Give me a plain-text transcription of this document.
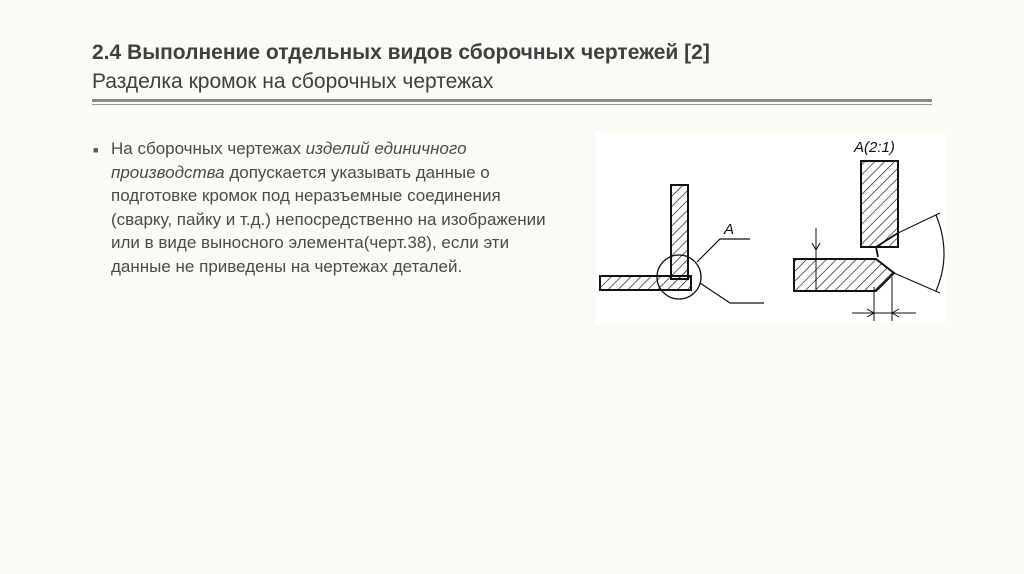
2.4 Выполнение отдельных видов сборочных чертежей [2]
Разделка кромок на сборочных чертежах
■ На сборочных чертежах изделий единичного производства допускается указывать данные о подготовке кромок под неразъемные соединения (сварку, пайку и т.д.) непосредственно на изображении или в виде выносного элемента(черт.38), если эти данные не приведены на чертежах деталей.
A
A(2:1)
